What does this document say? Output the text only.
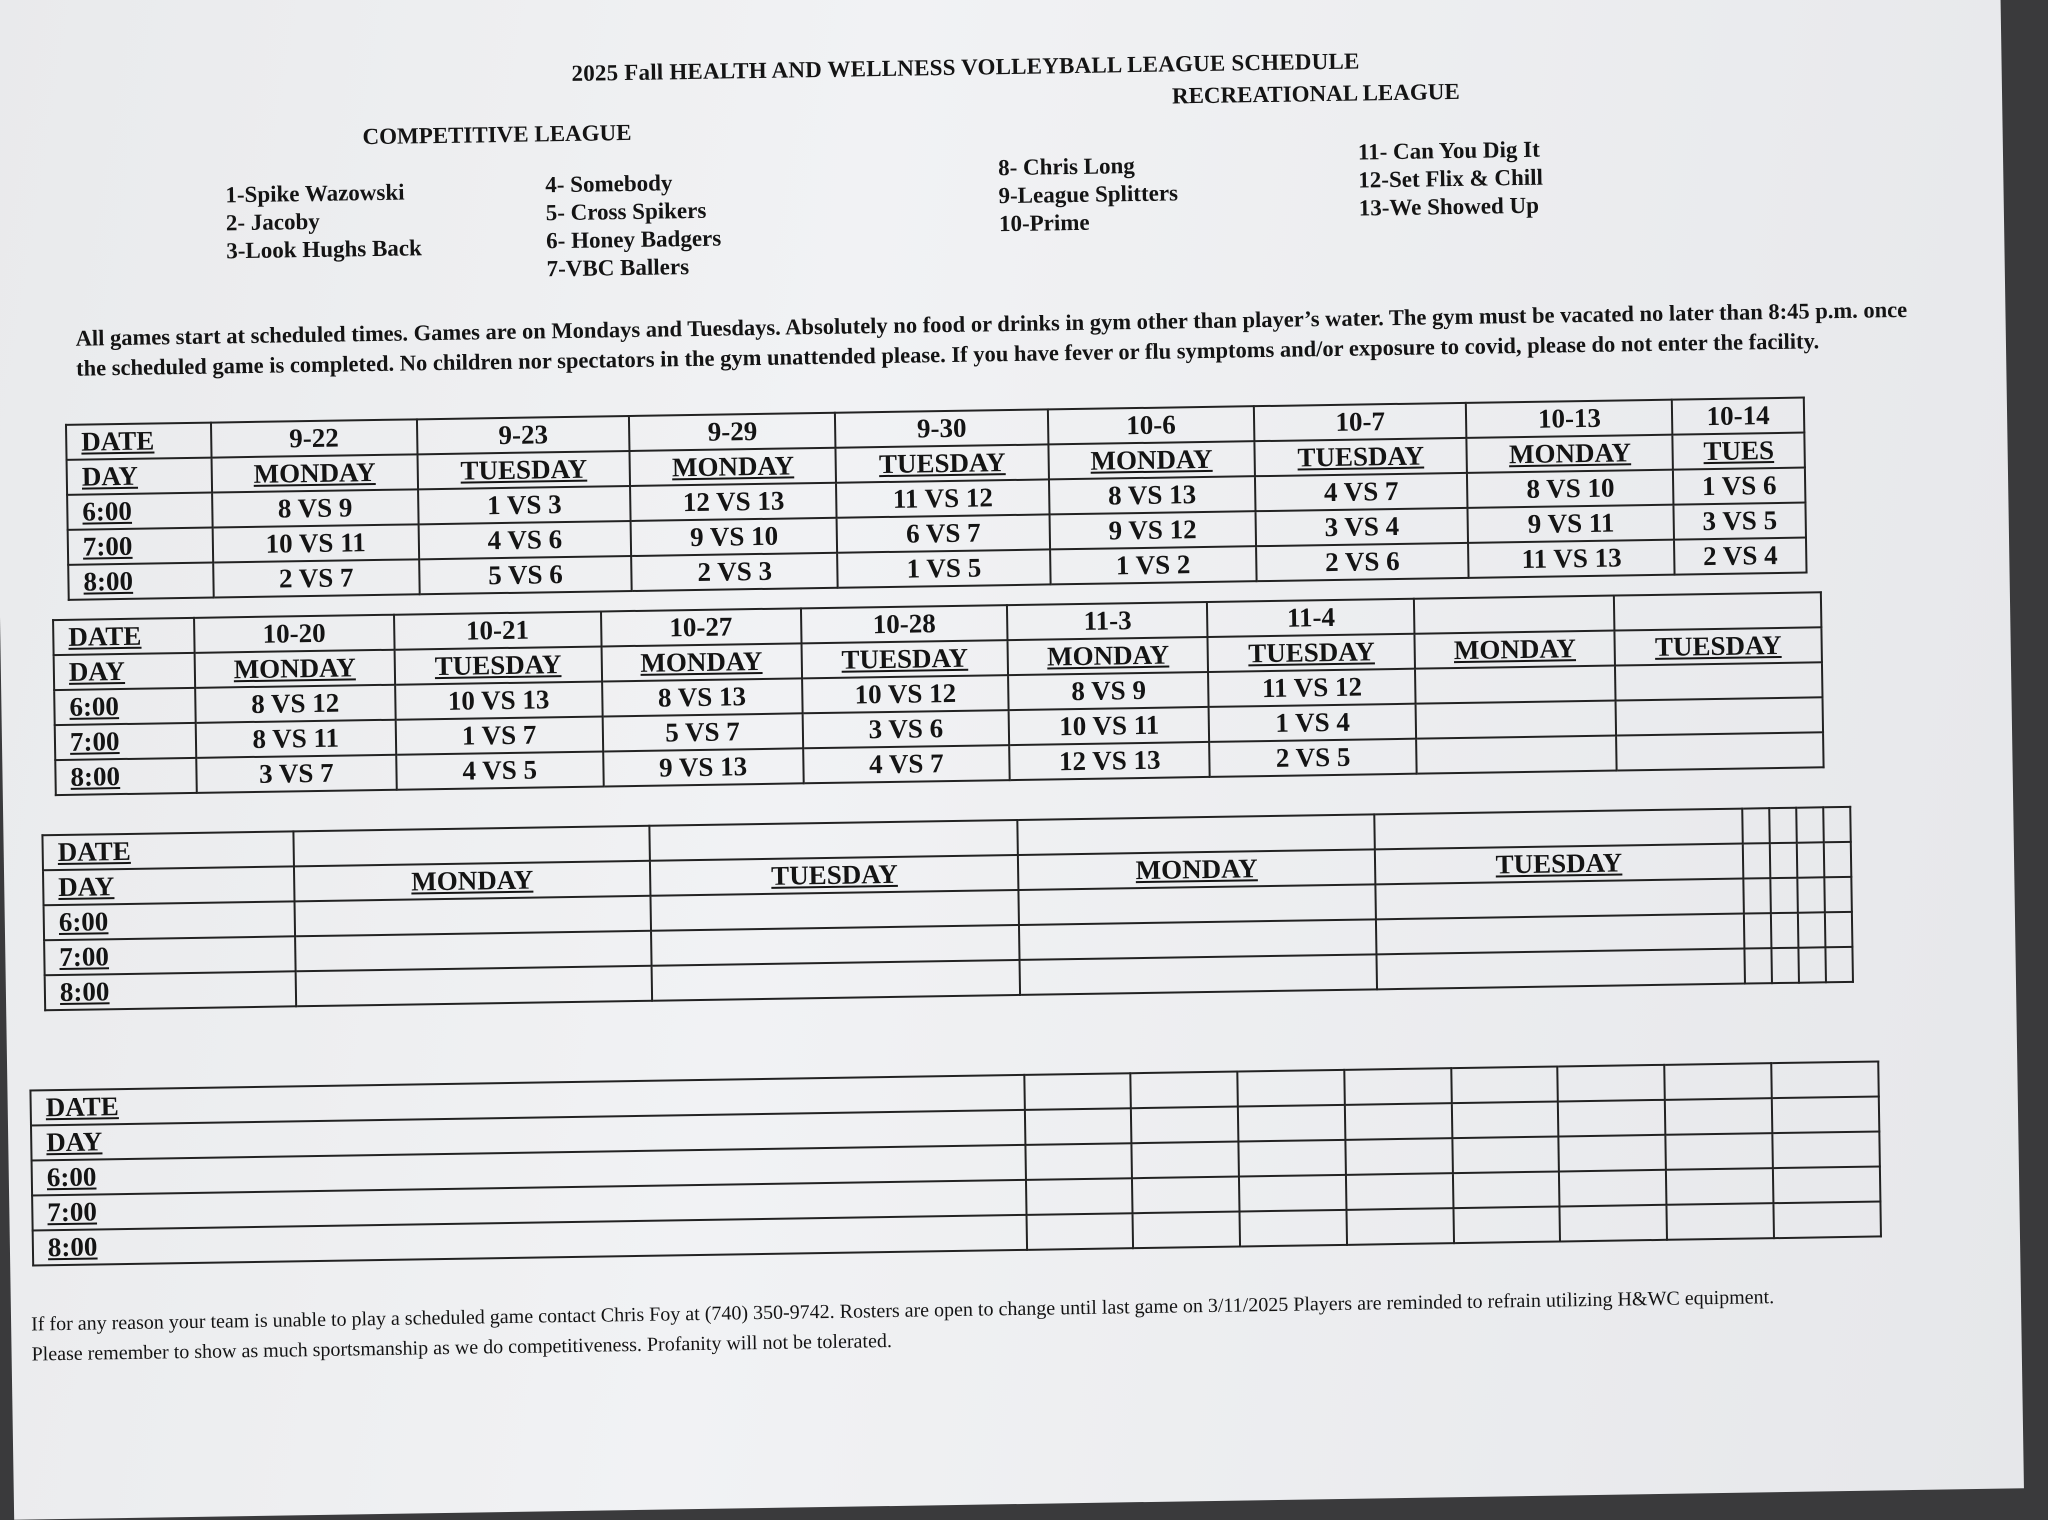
2025 Fall HEALTH AND WELLNESS VOLLEYBALL LEAGUE SCHEDULE
COMPETITIVE LEAGUE
RECREATIONAL LEAGUE
1-Spike Wazowski
2- Jacoby
3-Look Hughs Back
4- Somebody
5- Cross Spikers
6- Honey Badgers
7-VBC Ballers
8- Chris Long
9-League Splitters
10-Prime
11- Can You Dig It
12-Set Flix & Chill
13-We Showed Up
All games start at scheduled times. Games are on Mondays and Tuesdays. Absolutely no food or drinks in gym other than player’s water. The gym must be vacated no later than 8:45 p.m. once the scheduled game is completed. No children nor spectators in the gym unattended please. If you have fever or flu symptoms and/or exposure to covid, please do not enter the facility.
DATE	9-22	9-23	9-29	9-30	10-6	10-7	10-13	10-14
DAY	MONDAY	TUESDAY	MONDAY	TUESDAY	MONDAY	TUESDAY	MONDAY	TUES
6:00	8 VS 9	1 VS 3	12 VS 13	11 VS 12	8 VS 13	4 VS 7	8 VS 10	1 VS 6
7:00	10 VS 11	4 VS 6	9 VS 10	6 VS 7	9 VS 12	3 VS 4	9 VS 11	3 VS 5
8:00	2 VS 7	5 VS 6	2 VS 3	1 VS 5	1 VS 2	2 VS 6	11 VS 13	2 VS 4
DATE	10-20	10-21	10-27	10-28	11-3	11-4		
DAY	MONDAY	TUESDAY	MONDAY	TUESDAY	MONDAY	TUESDAY	MONDAY	TUESDAY
6:00	8 VS 12	10 VS 13	8 VS 13	10 VS 12	8 VS 9	11 VS 12		
7:00	8 VS 11	1 VS 7	5 VS 7	3 VS 6	10 VS 11	1 VS 4		
8:00	3 VS 7	4 VS 5	9 VS 13	4 VS 7	12 VS 13	2 VS 5		
DATE								
DAY	MONDAY	TUESDAY	MONDAY	TUESDAY				
6:00								
7:00								
8:00								
DATE								
DAY								
6:00								
7:00								
8:00								
If for any reason your team is unable to play a scheduled game contact Chris Foy at (740) 350-9742. Rosters are open to change until last game on 3/11/2025 Players are reminded to refrain utilizing H&WC equipment.
Please remember to show as much sportsmanship as we do competitiveness. Profanity will not be tolerated.
